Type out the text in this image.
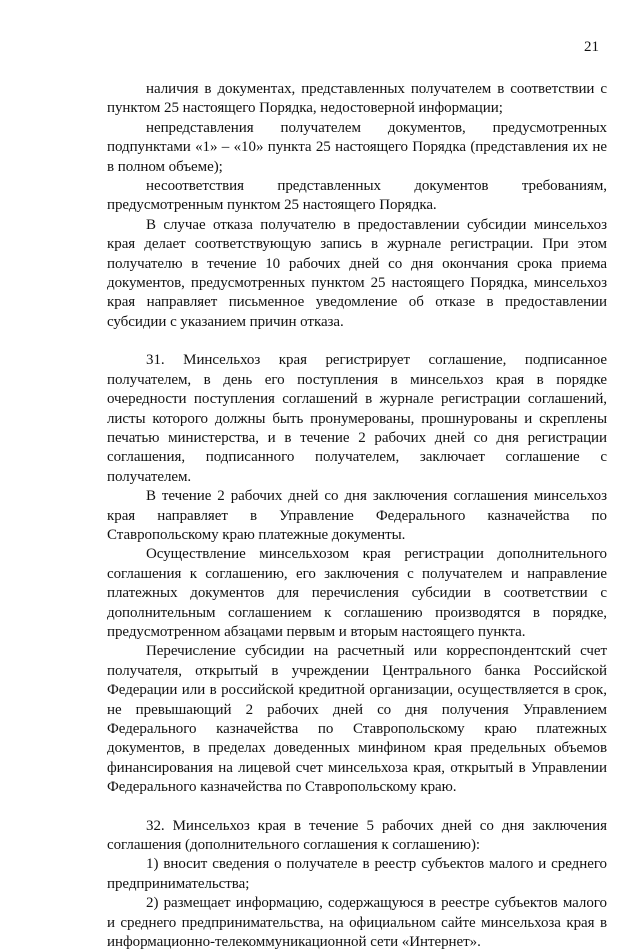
21

наличия в документах, представленных получателем в соответствии с пунктом 25 настоящего Порядка, недостоверной информации;

непредставления получателем документов, предусмотренных подпунктами «1» – «10» пункта 25 настоящего Порядка (представления их не в полном объеме);

несоответствия представленных документов требованиям, предусмотренным пунктом 25 настоящего Порядка.

В случае отказа получателю в предоставлении субсидии минсельхоз края делает соответствующую запись в журнале регистрации. При этом получателю в течение 10 рабочих дней со дня окончания срока приема документов, предусмотренных пунктом 25 настоящего Порядка, минсельхоз края направляет письменное уведомление об отказе в предоставлении субсидии с указанием причин отказа.

31. Минсельхоз края регистрирует соглашение, подписанное получателем, в день его поступления в минсельхоз края в порядке очередности поступления соглашений в журнале регистрации соглашений, листы которого должны быть пронумерованы, прошнурованы и скреплены печатью министерства, и в течение 2 рабочих дней со дня регистрации соглашения, подписанного получателем, заключает соглашение с получателем.

В течение 2 рабочих дней со дня заключения соглашения минсельхоз края направляет в Управление Федерального казначейства по Ставропольскому краю платежные документы.

Осуществление минсельхозом края регистрации дополнительного соглашения к соглашению, его заключения с получателем и направление платежных документов для перечисления субсидии в соответствии с дополнительным соглашением к соглашению производятся в порядке, предусмотренном абзацами первым и вторым настоящего пункта.

Перечисление субсидии на расчетный или корреспондентский счет получателя, открытый в учреждении Центрального банка Российской Федерации или в российской кредитной организации, осуществляется в срок, не превышающий 2 рабочих дней со дня получения Управлением Федерального казначейства по Ставропольскому краю платежных документов, в пределах доведенных минфином края предельных объемов финансирования на лицевой счет минсельхоза края, открытый в Управлении Федерального казначейства по Ставропольскому краю.

32. Минсельхоз края в течение 5 рабочих дней со дня заключения соглашения (дополнительного соглашения к соглашению):

1) вносит сведения о получателе в реестр субъектов малого и среднего предпринимательства;

2) размещает информацию, содержащуюся в реестре субъектов малого и среднего предпринимательства, на официальном сайте минсельхоза края в информационно-телекоммуникационной сети «Интернет».
